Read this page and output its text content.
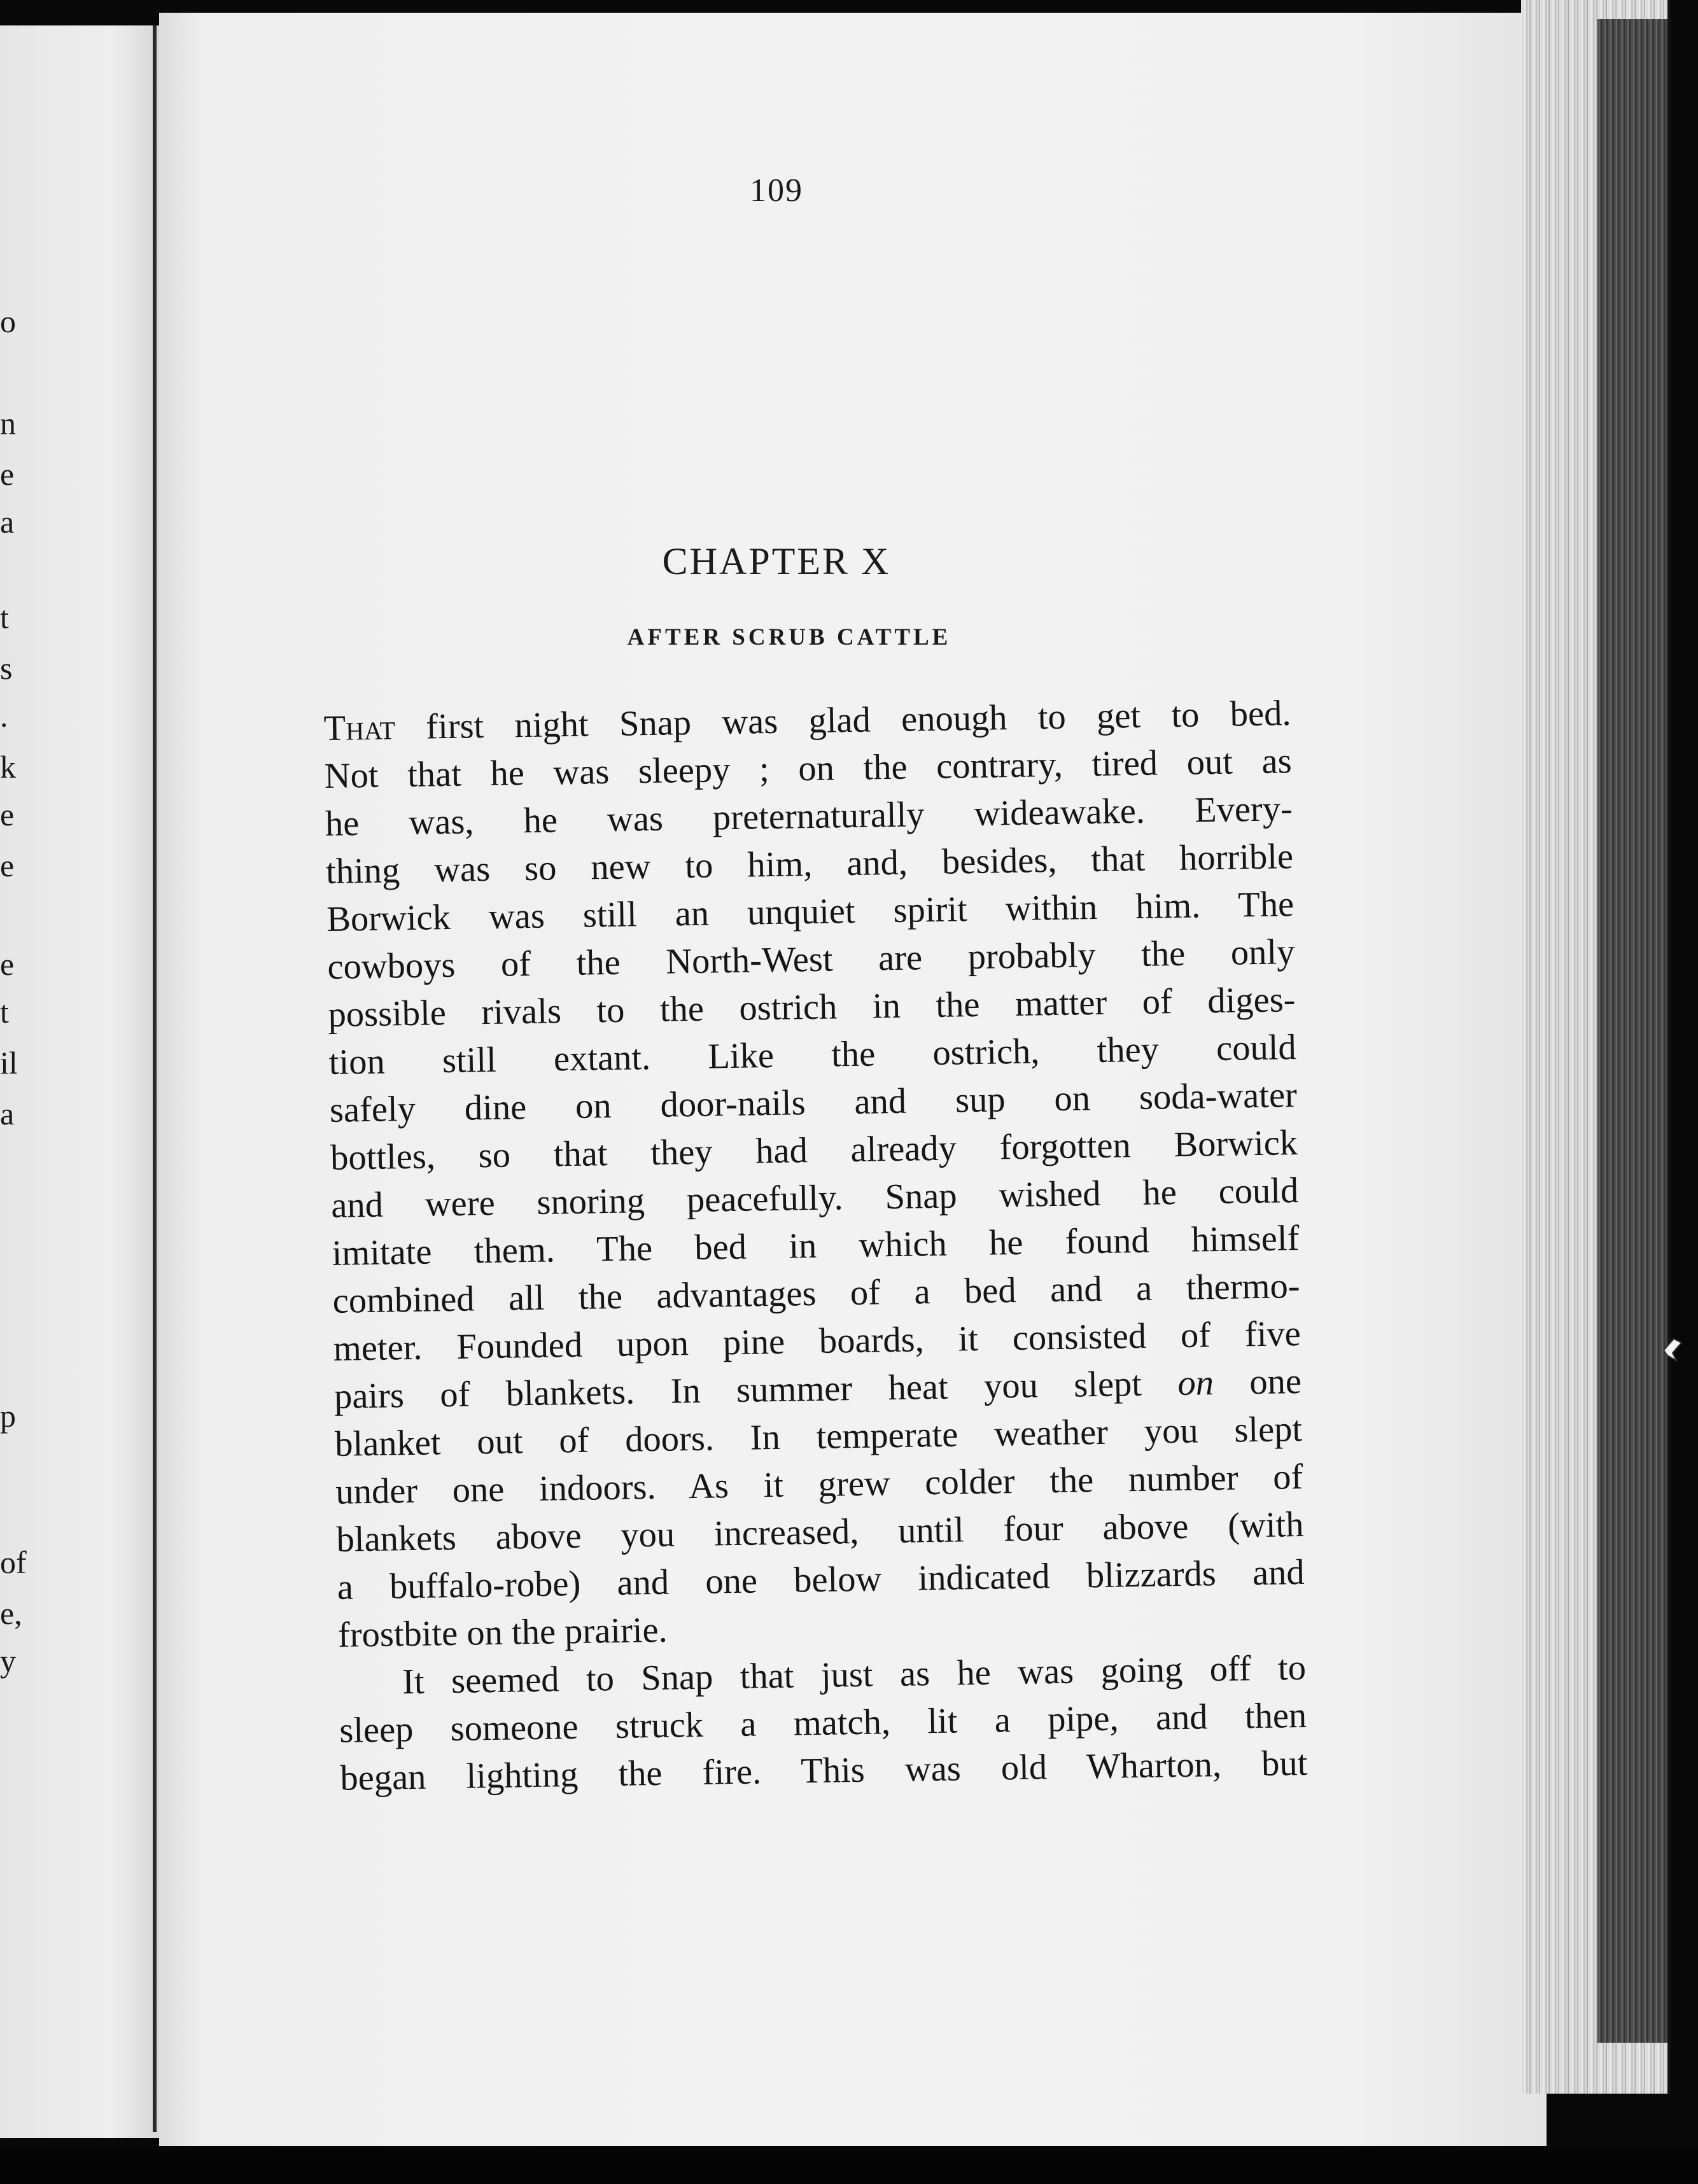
o
n
e
a
t
s
.
k
e
e
e
t
il
a
p
of
e,
y
109
CHAPTER X
AFTER SCRUB CATTLE
That first night Snap was glad enough to get to bed.
Not that he was sleepy ; on the contrary, tired out as
he was, he was preternaturally wideawake. Every-
thing was so new to him, and, besides, that horrible
Borwick was still an unquiet spirit within him. The
cowboys of the North-West are probably the only
possible rivals to the ostrich in the matter of diges-
tion still extant. Like the ostrich, they could
safely dine on door-nails and sup on soda-water
bottles, so that they had already forgotten Borwick
and were snoring peacefully. Snap wished he could
imitate them. The bed in which he found himself
combined all the advantages of a bed and a thermo-
meter. Founded upon pine boards, it consisted of five
pairs of blankets. In summer heat you slept on one
blanket out of doors. In temperate weather you slept
under one indoors. As it grew colder the number of
blankets above you increased, until four above (with
a buffalo-robe) and one below indicated blizzards and
frostbite on the prairie.
It seemed to Snap that just as he was going off to
sleep someone struck a match, lit a pipe, and then
began lighting the fire. This was old Wharton, but
